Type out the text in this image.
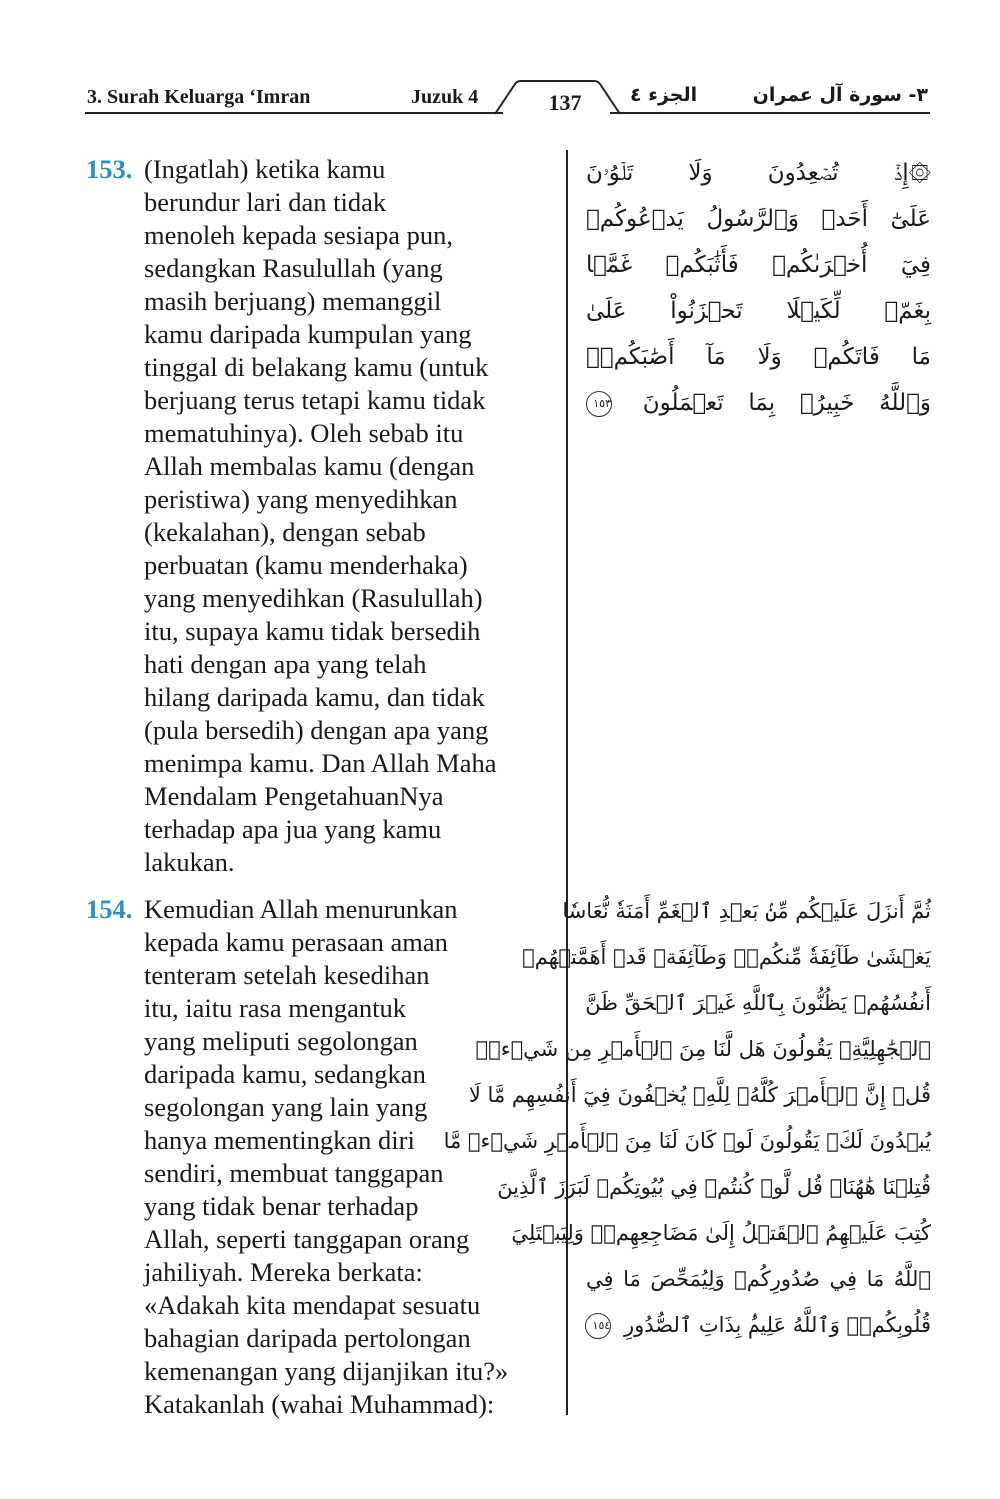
3. Surah Keluarga ‘Imran	Juzuk 4	137	الجزء ٤	٣- سورة آل عمران
153. (Ingatlah) ketika kamu
berundur lari dan tidak
menoleh kepada sesiapa pun,
sedangkan Rasulullah (yang
masih berjuang) memanggil
kamu daripada kumpulan yang
tinggal di belakang kamu (untuk
berjuang terus tetapi kamu tidak
mematuhinya). Oleh sebab itu
Allah membalas kamu (dengan
peristiwa) yang menyedihkan
(kekalahan), dengan sebab
perbuatan (kamu menderhaka)
yang menyedihkan (Rasulullah)
itu, supaya kamu tidak bersedih
hati dengan apa yang telah
hilang daripada kamu, dan tidak
(pula bersedih) dengan apa yang
menimpa kamu. Dan Allah Maha
Mendalam PengetahuanNya
terhadap apa jua yang kamu
lakukan.
۞إِذۡ تُصۡعِدُونَ وَلَا تَلۡوُۥنَ
عَلَىٰٓ أَحَدٖ وَٱلرَّسُولُ يَدۡعُوكُمۡ
فِيٓ أُخۡرَىٰكُمۡ فَأَثَٰبَكُمۡ غَمَّۢا
بِغَمّٖ لِّكَيۡلَا تَحۡزَنُواْ عَلَىٰ
مَا فَاتَكُمۡ وَلَا مَآ أَصَٰبَكُمۡۗ
وَٱللَّهُ خَبِيرُۢ بِمَا تَعۡمَلُونَ ١٥٣
154. Kemudian Allah menurunkan
kepada kamu perasaan aman
tenteram setelah kesedihan
itu, iaitu rasa mengantuk
yang meliputi segolongan
daripada kamu, sedangkan
segolongan yang lain yang
hanya mementingkan diri
sendiri, membuat tanggapan
yang tidak benar terhadap
Allah, seperti tanggapan orang
jahiliyah. Mereka berkata:
«Adakah kita mendapat sesuatu
bahagian daripada pertolongan
kemenangan yang dijanjikan itu?»
Katakanlah (wahai Muhammad):
ثُمَّ أَنزَلَ عَلَيۡكُم مِّنۢ بَعۡدِ ٱلۡغَمِّ أَمَنَةٗ نُّعَاسٗا
يَغۡشَىٰ طَآئِفَةٗ مِّنكُمۡۖ وَطَآئِفَةٞ قَدۡ أَهَمَّتۡهُمۡ
أَنفُسُهُمۡ يَظُنُّونَ بِٱللَّهِ غَيۡرَ ٱلۡحَقِّ ظَنَّ
ٱلۡجَٰهِلِيَّةِۖ يَقُولُونَ هَل لَّنَا مِنَ ٱلۡأَمۡرِ مِن شَيۡءٖۗ
قُلۡ إِنَّ ٱلۡأَمۡرَ كُلَّهُۥ لِلَّهِۗ يُخۡفُونَ فِيٓ أَنفُسِهِم مَّا لَا
يُبۡدُونَ لَكَۖ يَقُولُونَ لَوۡ كَانَ لَنَا مِنَ ٱلۡأَمۡرِ شَيۡءٞ مَّا
قُتِلۡنَا هَٰهُنَاۗ قُل لَّوۡ كُنتُمۡ فِي بُيُوتِكُمۡ لَبَرَزَ ٱلَّذِينَ
كُتِبَ عَلَيۡهِمُ ٱلۡقَتۡلُ إِلَىٰ مَضَاجِعِهِمۡۖ وَلِيَبۡتَلِيَ
ٱللَّهُ مَا فِي صُدُورِكُمۡ وَلِيُمَحِّصَ مَا فِي
قُلُوبِكُمۡۚ وَٱللَّهُ عَلِيمُۢ بِذَاتِ ٱلصُّدُورِ ١٥٤
